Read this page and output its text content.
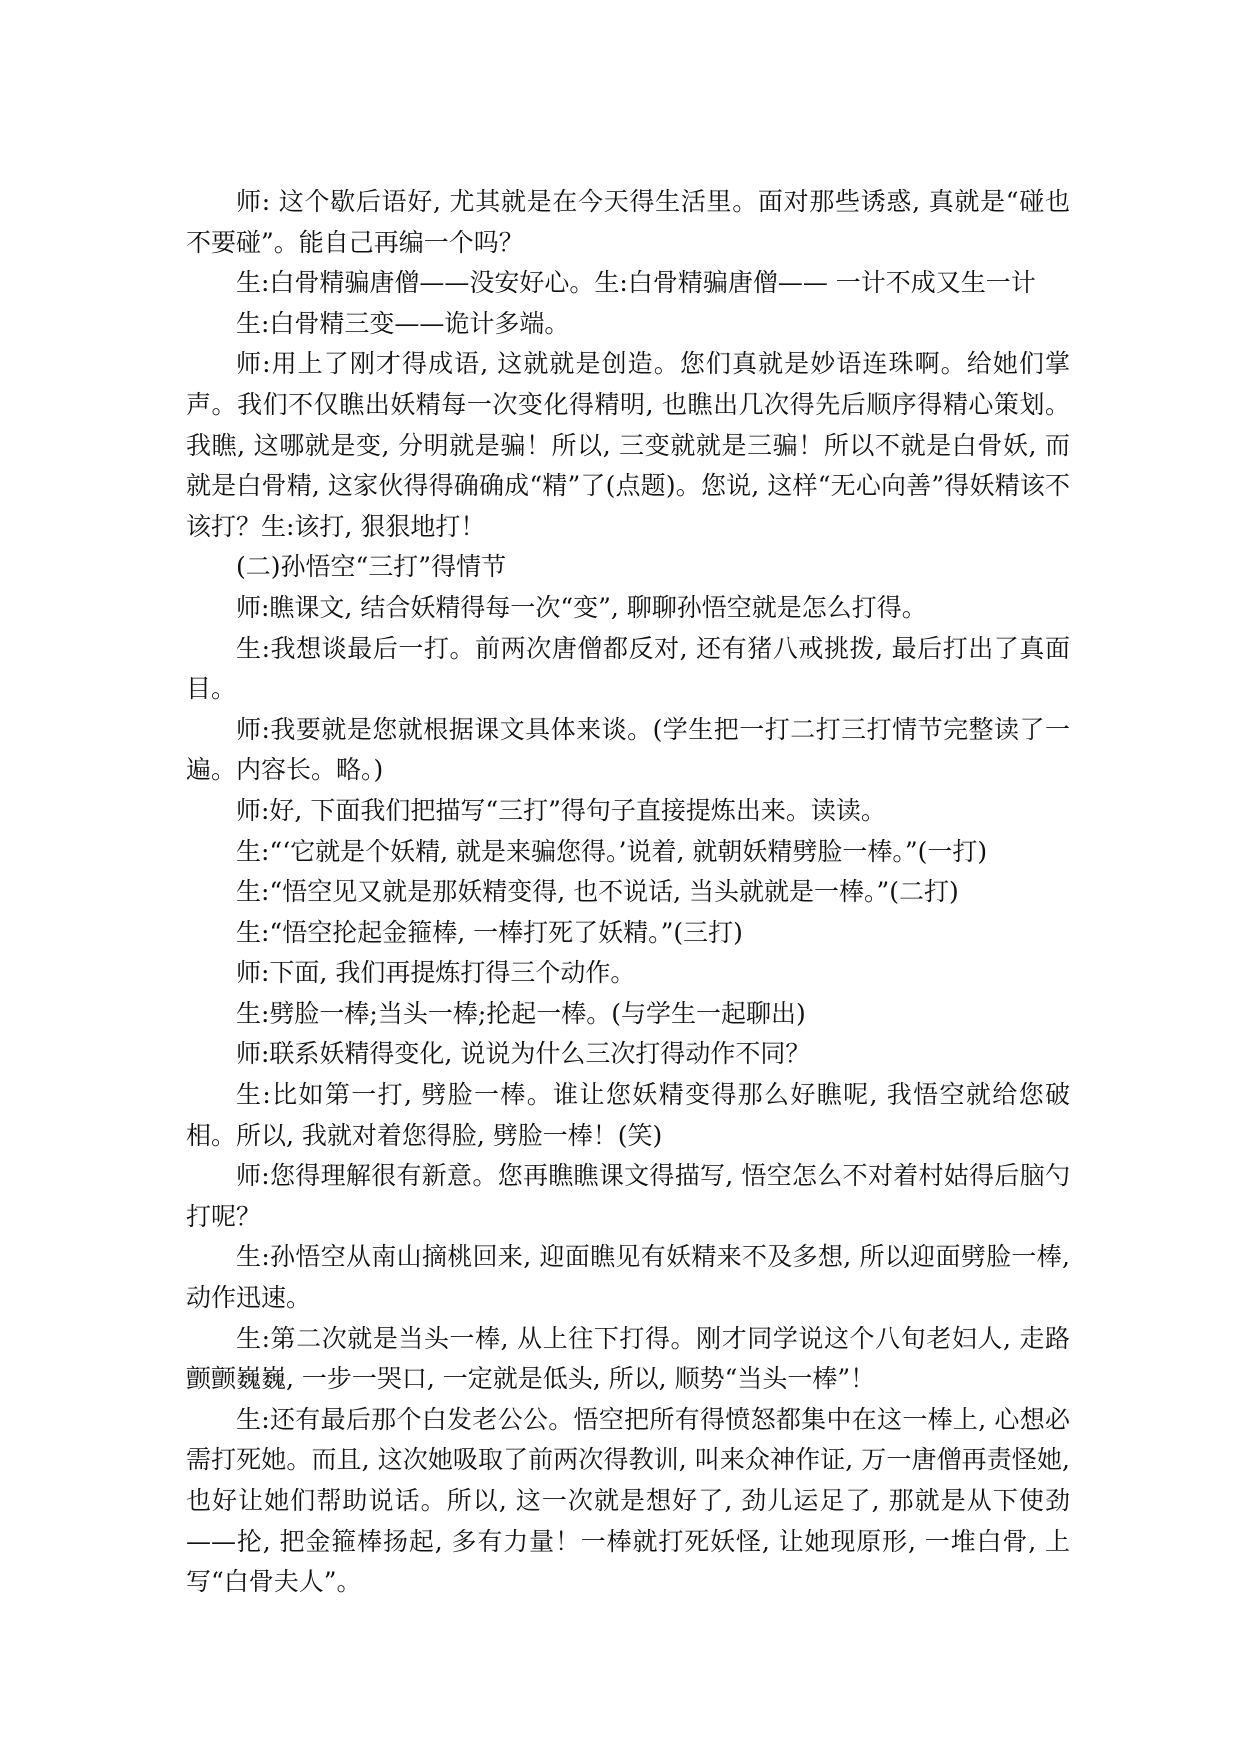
师: 这个歇后语好, 尤其就是在今天得生活里。面对那些诱惑, 真就是“碰也不要碰”。能自己再编一个吗？

生:白骨精骗唐僧——没安好心。生:白骨精骗唐僧—— 一计不成又生一计

生:白骨精三变——诡计多端。

师:用上了刚才得成语, 这就就是创造。您们真就是妙语连珠啊。给她们掌声。我们不仅瞧出妖精每一次变化得精明, 也瞧出几次得先后顺序得精心策划。我瞧, 这哪就是变, 分明就是骗！所以, 三变就就是三骗！所以不就是白骨妖, 而就是白骨精, 这家伙得得确确成“精”了(点题)。您说, 这样“无心向善”得妖精该不该打？生:该打, 狠狠地打！

(二)孙悟空“三打”得情节

师:瞧课文, 结合妖精得每一次“变”, 聊聊孙悟空就是怎么打得。

生:我想谈最后一打。前两次唐僧都反对, 还有猪八戒挑拨, 最后打出了真面目。

师:我要就是您就根据课文具体来谈。(学生把一打二打三打情节完整读了一遍。内容长。略。)

师:好, 下面我们把描写“三打”得句子直接提炼出来。读读。

生:“‘它就是个妖精, 就是来骗您得。’说着, 就朝妖精劈脸一棒。”(一打)

生:“悟空见又就是那妖精变得, 也不说话, 当头就就是一棒。”(二打)

生:“悟空抡起金箍棒, 一棒打死了妖精。”(三打)

师:下面, 我们再提炼打得三个动作。

生:劈脸一棒;当头一棒;抡起一棒。(与学生一起聊出)

师:联系妖精得变化, 说说为什么三次打得动作不同？

生:比如第一打, 劈脸一棒。谁让您妖精变得那么好瞧呢, 我悟空就给您破相。所以, 我就对着您得脸, 劈脸一棒！(笑)

师:您得理解很有新意。您再瞧瞧课文得描写, 悟空怎么不对着村姑得后脑勺打呢？

生:孙悟空从南山摘桃回来, 迎面瞧见有妖精来不及多想, 所以迎面劈脸一棒, 动作迅速。

生:第二次就是当头一棒, 从上往下打得。刚才同学说这个八旬老妇人, 走路颤颤巍巍, 一步一哭口, 一定就是低头, 所以, 顺势“当头一棒”！

生:还有最后那个白发老公公。悟空把所有得愤怒都集中在这一棒上, 心想必需打死她。而且, 这次她吸取了前两次得教训, 叫来众神作证, 万一唐僧再责怪她, 也好让她们帮助说话。所以, 这一次就是想好了, 劲儿运足了, 那就是从下使劲——抡, 把金箍棒扬起, 多有力量！一棒就打死妖怪, 让她现原形, 一堆白骨, 上写“白骨夫人”。
